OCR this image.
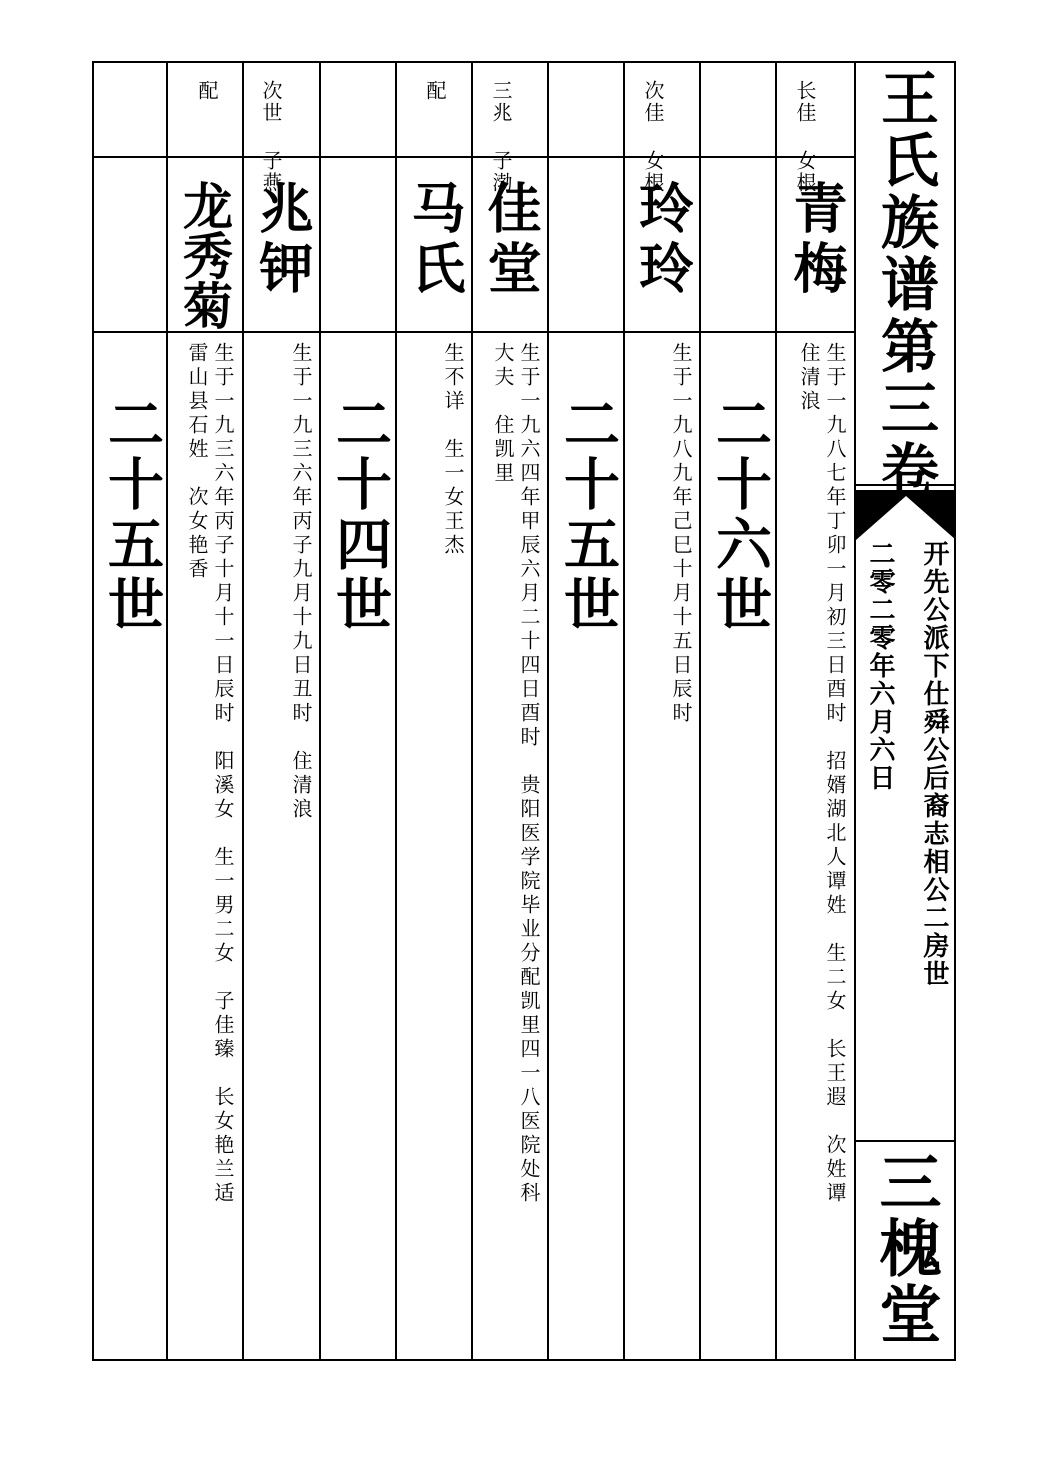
王氏族谱第三卷
开先公派下仕舜公后裔志相公二房世
二零二零年六月六日
三槐堂
长佳 女根
青梅
生于一九八七年丁卯一月初三日酉时　招婿湖北人谭姓　生二女　长王遐　次姓谭
住清浪
二十六世
次佳 女根
玲玲
生于一九八九年己巳十月十五日辰时
二十五世
三兆 子渤
佳堂
生于一九六四年甲辰六月二十四日酉时　贵阳医学院毕业分配凯里四一八医院处科
大夫　住凯里
配
马氏
生不详　生一女王杰
二十四世
次世 子燕
兆钾
生于一九三六年丙子九月十九日丑时　住清浪
配
龙秀菊
生于一九三六年丙子十月十一日辰时　阳溪女　生一男二女　子佳臻　长女艳兰适
雷山县石姓　次女艳香
二十五世
